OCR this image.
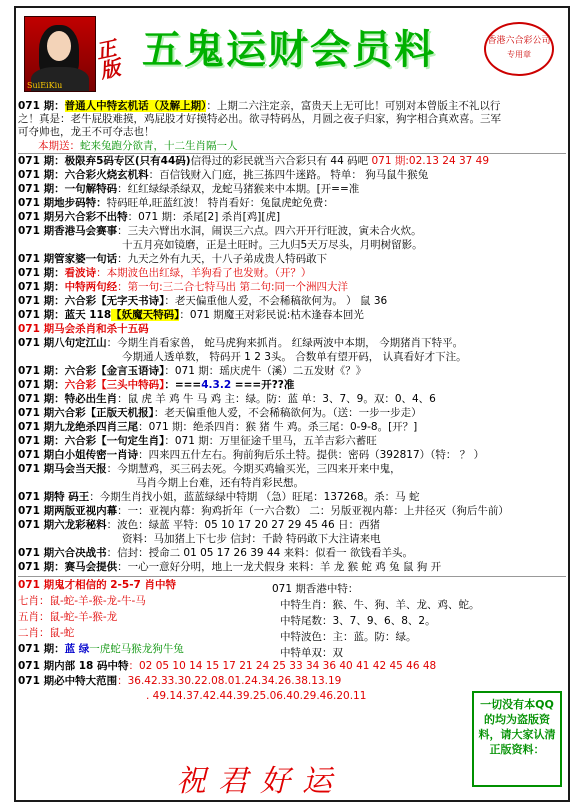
SuiEiKiu
正版 五鬼运财会员料	香港六合彩公司
专用章
071 期：普通人中特玄机话（及解上期）：上期二六注定亲，富贵天上无可比！可别对本曾版主不礼以行
之！真是：老牛屁股难摸，鸡屁股才好摸特必出。欲寻特码丛，月圆之夜子归家，狗字相合真欢喜。三军
可夺帅也，龙王不可夺志也！
本期送：蛇来兔跑分欲青，十二生肖隔一人
071 期：极限弃5码专区(只有44码)信得过的彩民就当六合彩只有 44 码吧 071 期:02.13 24 37 49
071 期：六合彩火烧玄机料：百信钱财入门庭，挑三拣四牛迷路。 特单： 狗马鼠牛猴兔
071 期：一句解特码：红红绿绿杀绿双，龙蛇马猪猴来中本期。[开==准
071 期地步码特：特码旺单,旺蓝红波！ 特肖看好：兔鼠虎蛇免费：
071 期另六合彩不出特：071 期：杀尾[2] 杀肖[鸡][虎]
071 期香港马会赛事：三夫六臂出水洞，闹误三六点。四六开开行旺波，寅未合火炊。
十五月亮如镜磨，正是土旺时。三九归5天万尽头，月明树留影。
071 期管家婆一句话：九天之外有九天，十八子弟成贵人特码敢下
071 期：看波诗：本期波色出红绿，羊狗看了也发财。（开？）
071 期：中特两句经：第一句:三二合七特马出 第二句:同一个洲四大洋
071 期：六合彩【无字天书诗】：老天偏重他人爱，不会稀稿欲何为。 ） 鼠 36
071 期：蓝天 118【妖魔天特码】：071 期魔王对彩民说:枯木逢春本回光
071 期马会杀肖和杀十五码
071 期八句定江山：今期生肖看家兽， 蛇马虎狗来抓肖。 红绿两波中本期， 今期猪肖下特平。
今期通人透单数， 特码开 1 2 3头。 合数单有望开码， 认真看好才下注。
071 期：六合彩【金言玉语诗】：071 期：瑶庆虎牛（溪）二五发财《？》
071 期：六合彩【三头中特码】：===4.3.2 ===开??准
071 期：特必出生肖：鼠 虎 羊 鸡 牛 马 鸡 主：绿。防：蓝 单：3、7、9。双：0、4、6
071 期六合彩【正版天机报】：老天偏重他人爱，不会稀稿欲何为。（送：一步一步走）
071 期九龙绝杀四肖三尾：071 期：绝杀四肖：猴 猪 牛 鸡。杀三尾：0-9-8。[开？]
071 期：六合彩【一句定生肖】：071 期：万里征途千里马，五羊吉彩六蓄旺
071 期白小姐传密一肖诗：四来四五什左右。狗前狗后乐土特。提供：密码（392817）（特： ？ ）
071 期马会当天报：今期慧鸡，买三码去死。今期买鸡输买光，三四来开来中鬼，
马肖今期上台难，还有特肖彩民想。
071 期特 码王：今期生肖找小姐，蓝蓝绿绿中特期 （急）旺尾：137268。杀：马 蛇
071 期两版亚视内幕：一：亚视内幕：狗鸡折年（一六合数） 二：另版亚视内幕：上井径灭（狗后牛前）
071 期六龙彩秘料：波色：绿蓝 平特：05 10 17 20 27 29 45 46 日：西猪
资料：马加猪上下七步 信封：千龄 特码敢下大注请来电
071 期六合决战书：信封：授命二 01 05 17 26 39 44 来料：似看一 欲钱看羊头。
071 期：赛马会提供：一心一意好分明，地上一龙犬假身 来料：羊 龙 猴 蛇 鸡 兔 鼠 狗 开
071 期鬼才相信的 2-5-7 肖中特
七肖：鼠-蛇-羊-猴-龙-牛-马
五肖：鼠-蛇-羊-猴-龙
二肖：鼠-蛇
071 期：蓝 绿一虎蛇马猴龙狗牛兔
071 期香港中特：
中特生肖：猴、牛、狗、羊、龙、鸡、蛇。
中特尾数：3、7、9、6、8、2。
中特波色：主：蓝。防：绿。
中特单双：双
071 期内部 18 码中特：02 05 10 14 15 17 21 24 25 33 34 36 40 41 42 45 46 48
071 期必中特大范围：36.42.33.30.22.08.01.24.34.26.38.13.19
. 49.14.37.42.44.39.25.06.40.29.46.20.11
一切没有本QQ 的均为盗版资料，请大家认清正版资料：
祝君好运
